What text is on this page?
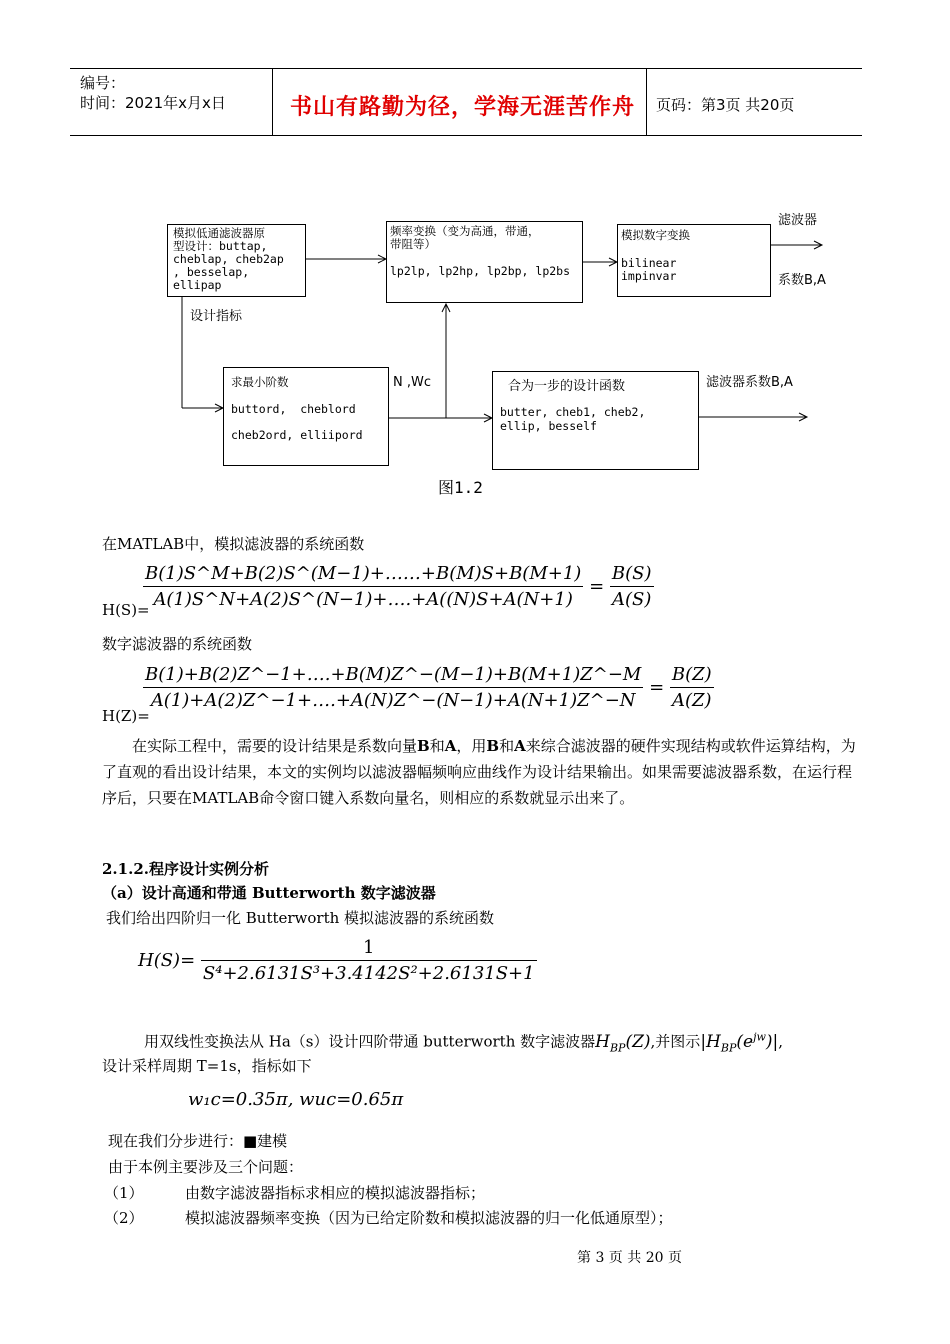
编号：
时间：2021年x月x日	书山有路勤为径，学海无涯苦作舟 页码：第3页 共20页
模拟低通滤波器原
型设计：buttap,
cheblap, cheb2ap
, besselap,
ellipap
频率变换（变为高通，带通，
带阻等）
lp2lp, lp2hp, lp2bp, lp2bs
模拟数字变换
bilinear
impinvar
求最小阶数
buttord,  cheblord
cheb2ord, elliipord
合为一步的设计函数
butter, cheb1, cheb2,
ellip, besself
滤波器
系数B,A
设计指标
N ,Wc	滤波器系数B,A
图1.2
在MATLAB中，模拟滤波器的系统函数
H(S)=
$\frac{B(1)S\^{}M+B(2)S\^{}(M-1)+\dots\dots+B(M)S+B(M+1)}{A(1)S\^{}N+A(2)S\^{}(N-1)+\dots.+A((N)S+A(N+1)} = \frac{B(S)}{A(S)}$
数字滤波器的系统函数
H(Z)=
$\frac{B(1)+B(2)Z\^{}-1+\dots.+B(M)Z\^{}-(M-1)+B(M+1)Z\^{}-M}{A(1)+A(2)Z\^{}-1+\dots.+A(N)Z\^{}-(N-1)+A(N+1)Z\^{}-N} = \frac{B(Z)}{A(Z)}$
在实际工程中，需要的设计结果是系数向量B和A，用B和A来综合滤波器的硬件实现结构或软件运算结构，为了直观的看出设计结果，本文的实例均以滤波器幅频响应曲线作为设计结果输出。如果需要滤波器系数，在运行程序后，只要在MATLAB命令窗口键入系数向量名，则相应的系数就显示出来了。
2.1.2.程序设计实例分析
（a）设计高通和带通 Butterworth 数字滤波器
我们给出四阶归一化 Butterworth 模拟滤波器的系统函数
$H(S)= \frac{1}{\text{S⁴+2.6131S³+3.4142S²+2.6131S+1}}$
用双线性变换法从 Ha（s）设计四阶带通 butterworth 数字滤波器$H_{BP}(Z)$,并图示$|H_{BP}(e^{jw})|$,
设计采样周期 T=1s，指标如下
w₁c=0.35π, wuc=0.65π
现在我们分步进行：■建模
由于本例主要涉及三个问题：
（1）	由数字滤波器指标求相应的模拟滤波器指标；
（2）	模拟滤波器频率变换（因为已给定阶数和模拟滤波器的归一化低通原型）；
第 3 页 共 20 页
